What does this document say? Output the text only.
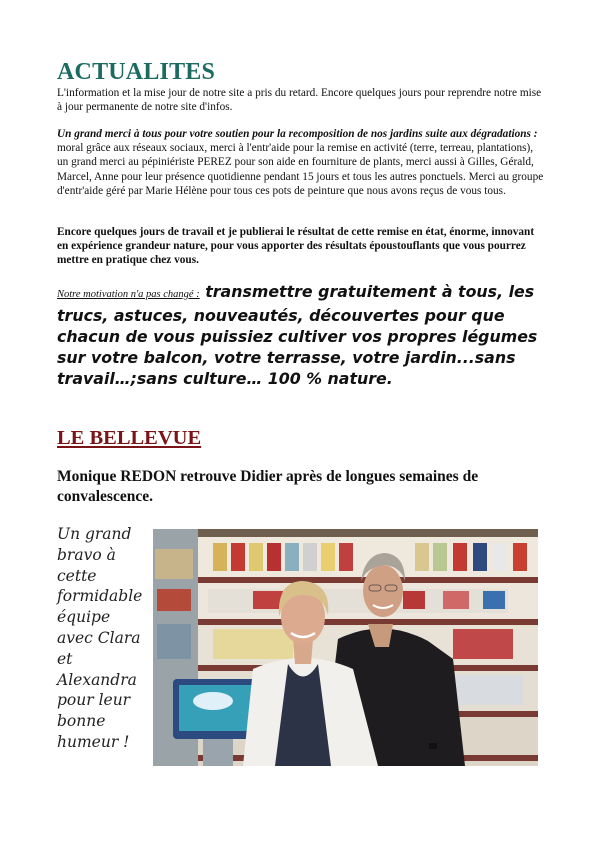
ACTUALITES

L'information et la mise jour de notre site a pris du retard. Encore quelques jours pour reprendre notre mise à jour permanente de notre site d'infos.

Un grand merci à tous pour votre soutien pour la recomposition de nos jardins suite aux dégradations : moral grâce aux réseaux sociaux, merci à l'entr'aide pour la remise en activité (terre, terreau, plantations), un grand merci au pépiniériste PEREZ pour son aide en fourniture de plants, merci aussi à Gilles, Gérald, Marcel, Anne pour leur présence quotidienne pendant 15 jours et tous les autres ponctuels. Merci au groupe d'entr'aide géré par Marie Hélène pour tous ces pots de peinture que nous avons reçus de vous tous.

Encore quelques jours de travail et je publierai le résultat de cette remise en état, énorme, innovant en expérience grandeur nature, pour vous apporter des résultats époustouflants que vous pourrez mettre en pratique chez vous.

Notre motivation n'a pas changé : transmettre gratuitement à tous, les trucs, astuces, nouveautés, découvertes pour que chacun de vous puissiez cultiver vos propres légumes sur votre balcon, votre terrasse, votre jardin...sans travail…;sans culture… 100 % nature.

LE BELLEVUE

Monique REDON retrouve Didier après de longues semaines de convalescence.

Un grand bravo à cette formidable équipe avec Clara et Alexandra pour leur bonne humeur !
